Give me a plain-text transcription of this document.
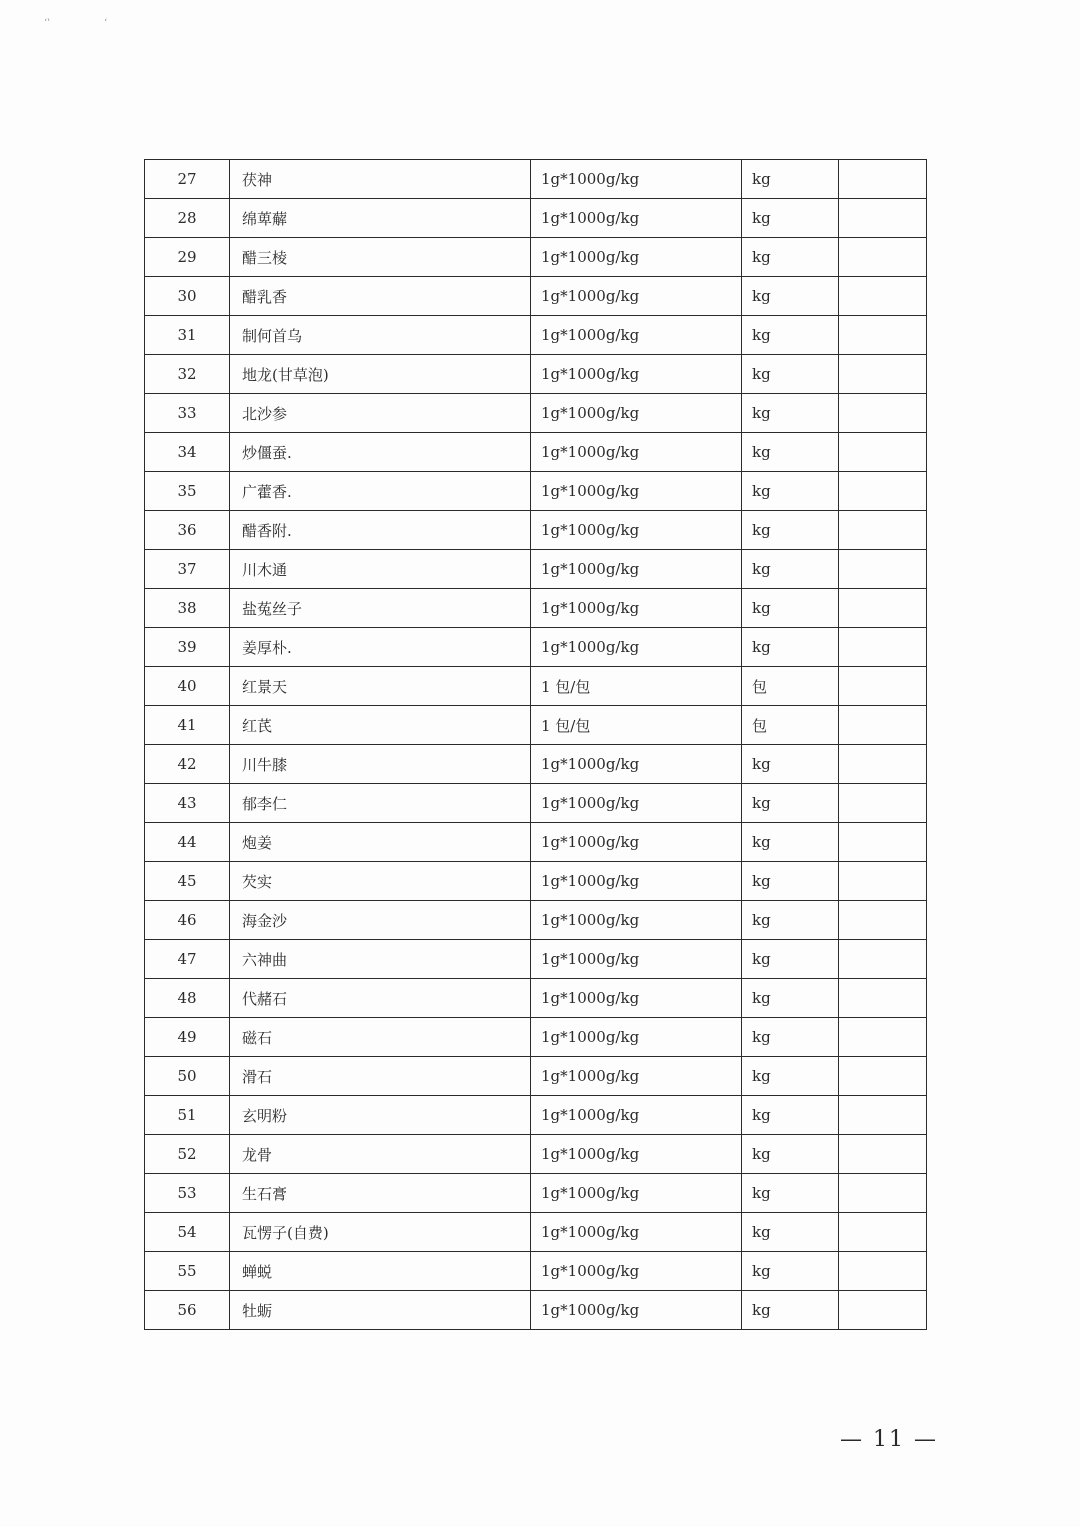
‘‛	‘
27	茯神	1g*1000g/kg	kg	
28	绵萆薢	1g*1000g/kg	kg	
29	醋三棱	1g*1000g/kg	kg	
30	醋乳香	1g*1000g/kg	kg	
31	制何首乌	1g*1000g/kg	kg	
32	地龙(甘草泡)	1g*1000g/kg	kg	
33	北沙参	1g*1000g/kg	kg	
34	炒僵蚕.	1g*1000g/kg	kg	
35	广藿香.	1g*1000g/kg	kg	
36	醋香附.	1g*1000g/kg	kg	
37	川木通	1g*1000g/kg	kg	
38	盐菟丝子	1g*1000g/kg	kg	
39	姜厚朴.	1g*1000g/kg	kg	
40	红景天	1 包/包	包	
41	红芪	1 包/包	包	
42	川牛膝	1g*1000g/kg	kg	
43	郁李仁	1g*1000g/kg	kg	
44	炮姜	1g*1000g/kg	kg	
45	芡实	1g*1000g/kg	kg	
46	海金沙	1g*1000g/kg	kg	
47	六神曲	1g*1000g/kg	kg	
48	代赭石	1g*1000g/kg	kg	
49	磁石	1g*1000g/kg	kg	
50	滑石	1g*1000g/kg	kg	
51	玄明粉	1g*1000g/kg	kg	
52	龙骨	1g*1000g/kg	kg	
53	生石膏	1g*1000g/kg	kg	
54	瓦愣子(自费)	1g*1000g/kg	kg	
55	蝉蜕	1g*1000g/kg	kg	
56	牡蛎	1g*1000g/kg	kg	
— 11 —
